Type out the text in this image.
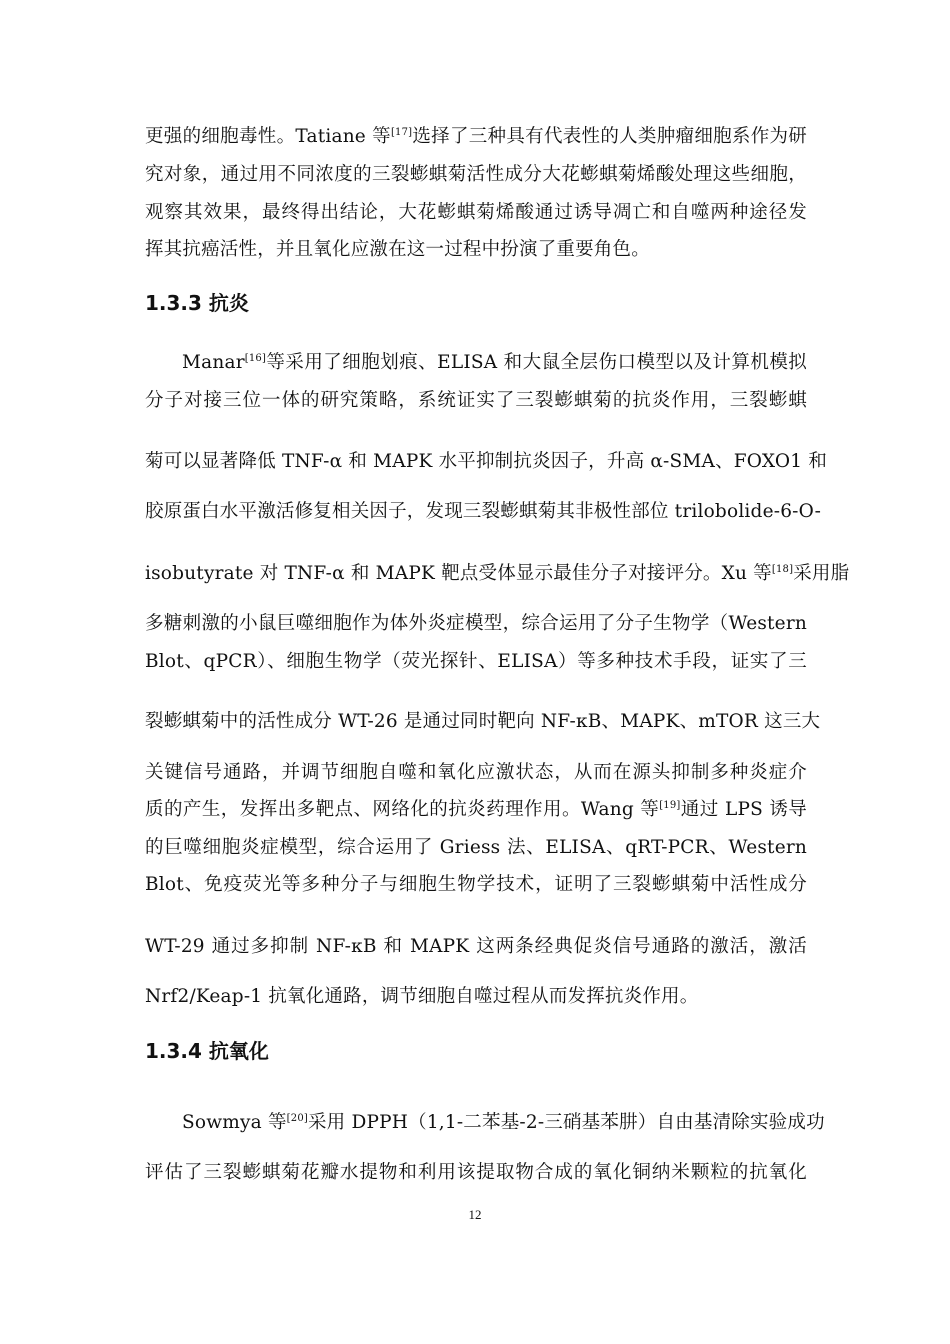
更强的细胞毒性。Tatiane 等[17]选择了三种具有代表性的人类肿瘤细胞系作为研

究对象，通过用不同浓度的三裂蟛蜞菊活性成分大花蟛蜞菊烯酸处理这些细胞，

观察其效果，最终得出结论，大花蟛蜞菊烯酸通过诱导凋亡和自噬两种途径发

挥其抗癌活性，并且氧化应激在这一过程中扮演了重要角色。

1.3.3 抗炎

Manar[16]等采用了细胞划痕、ELISA 和大鼠全层伤口模型以及计算机模拟

分子对接三位一体的研究策略，系统证实了三裂蟛蜞菊的抗炎作用，三裂蟛蜞

菊可以显著降低 TNF-α 和 MAPK 水平抑制抗炎因子，升高 α-SMA、FOXO1 和

胶原蛋白水平激活修复相关因子，发现三裂蟛蜞菊其非极性部位 trilobolide-6-O-

isobutyrate 对 TNF-α 和 MAPK 靶点受体显示最佳分子对接评分。Xu 等[18]采用脂

多糖刺激的小鼠巨噬细胞作为体外炎症模型，综合运用了分子生物学（Western

Blot、qPCR）、细胞生物学（荧光探针、ELISA）等多种技术手段，证实了三

裂蟛蜞菊中的活性成分 WT-26 是通过同时靶向 NF-κB、MAPK、mTOR 这三大

关键信号通路，并调节细胞自噬和氧化应激状态，从而在源头抑制多种炎症介

质的产生，发挥出多靶点、网络化的抗炎药理作用。Wang 等[19]通过 LPS 诱导

的巨噬细胞炎症模型，综合运用了 Griess 法、ELISA、qRT-PCR、Western

Blot、免疫荧光等多种分子与细胞生物学技术，证明了三裂蟛蜞菊中活性成分

WT-29 通过多抑制 NF-κB 和 MAPK 这两条经典促炎信号通路的激活，激活

Nrf2/Keap-1 抗氧化通路，调节细胞自噬过程从而发挥抗炎作用。

1.3.4 抗氧化

Sowmya 等[20]采用 DPPH（1,1-二苯基-2-三硝基苯肼）自由基清除实验成功

评估了三裂蟛蜞菊花瓣水提物和利用该提取物合成的氧化铜纳米颗粒的抗氧化

12
